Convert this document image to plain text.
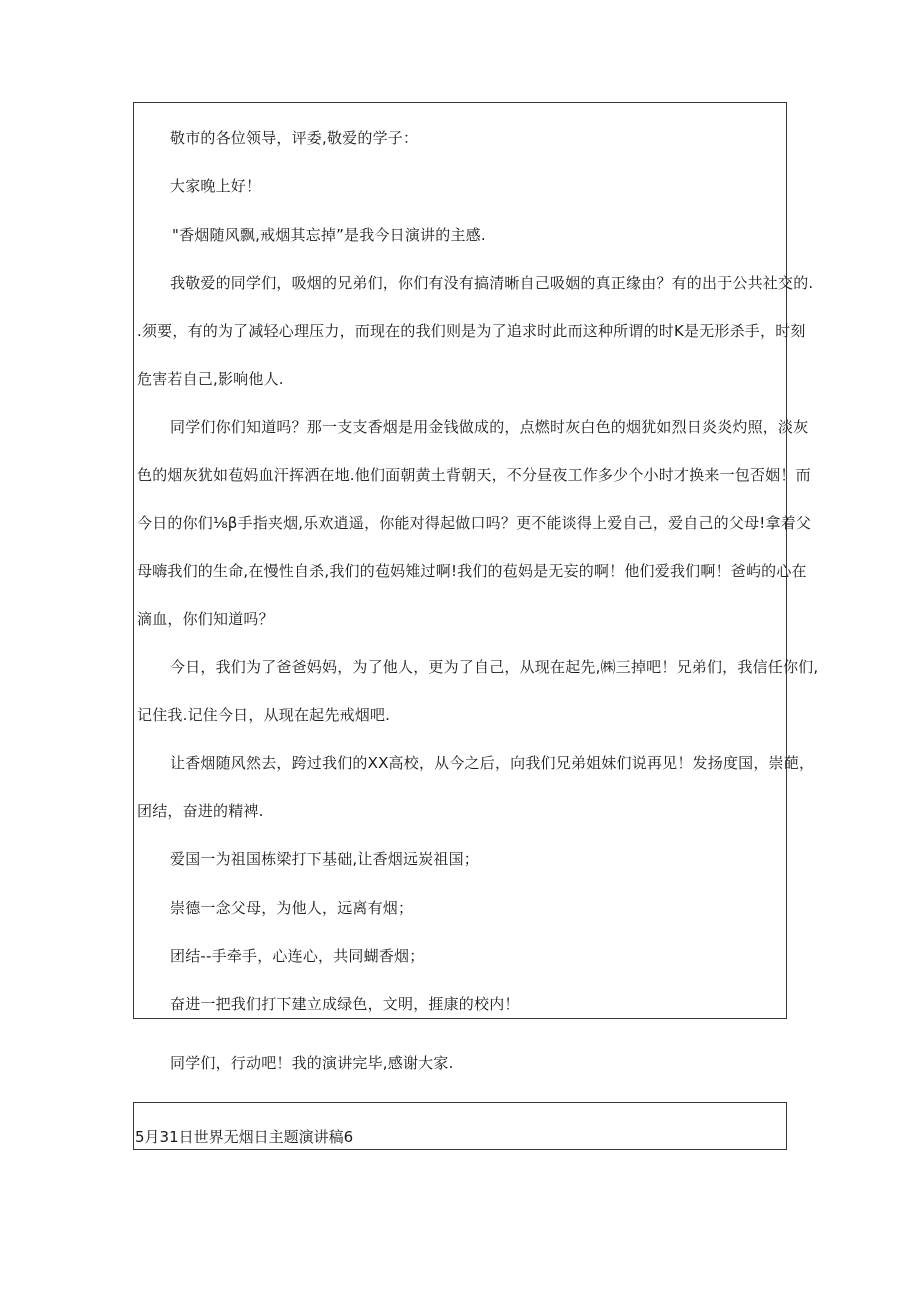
敬市的各位领导，评委,敬爱的学子：
大家晚上好！
"香烟随风飘,戒烟其忘掉”是我今日演讲的主感.
我敬爱的同学们，吸烟的兄弟们，你们有没有搞清晰自己吸姻的真正缘由？有的出于公共社交的.
.须要，有的为了减轻心理压力，而现在的我们则是为了追求时此而这种所谓的时K是无形杀手，时刻
危害若自己,影响他人.
同学们你们知道吗？那一支支香烟是用金钱做成的，点燃时灰白色的烟犹如烈日炎炎灼照，淡灰
色的烟灰犹如苞妈血汗挥洒在地.他们面朝黄土背朝天，不分昼夜工作多少个小时才换来一包否姻！而
今日的你们⅛β手指夹烟,乐欢逍遥，你能对得起做口吗？更不能谈得上爱自己，爱自己的父母!拿着父
母嗨我们的生命,在慢性自杀,我们的苞妈雉过啊!我们的苞妈是无妄的啊！他们爱我们啊！爸屿的心在
滴血，你们知道吗？
今日，我们为了爸爸妈妈，为了他人，更为了自己，从现在起先,㈱三掉吧！兄弟们，我信任你们,
记住我.记住今日，从现在起先戒烟吧.
让香烟随风然去，跨过我们的XX高校，从今之后，向我们兄弟姐妹们说再见！发扬度国，崇葩，
团结，奋进的精裨.
爱国一为祖国栋梁打下基础,让香烟远炭祖国；
崇德一念父母，为他人，远离有烟；
团结--手牵手，心连心，共同蝴香烟；
奋进一把我们打下建立成绿色，文明，捱康的校内！
同学们，行动吧！我的演讲完毕,感谢大家.
5月31日世界无烟日主题演讲稿6
